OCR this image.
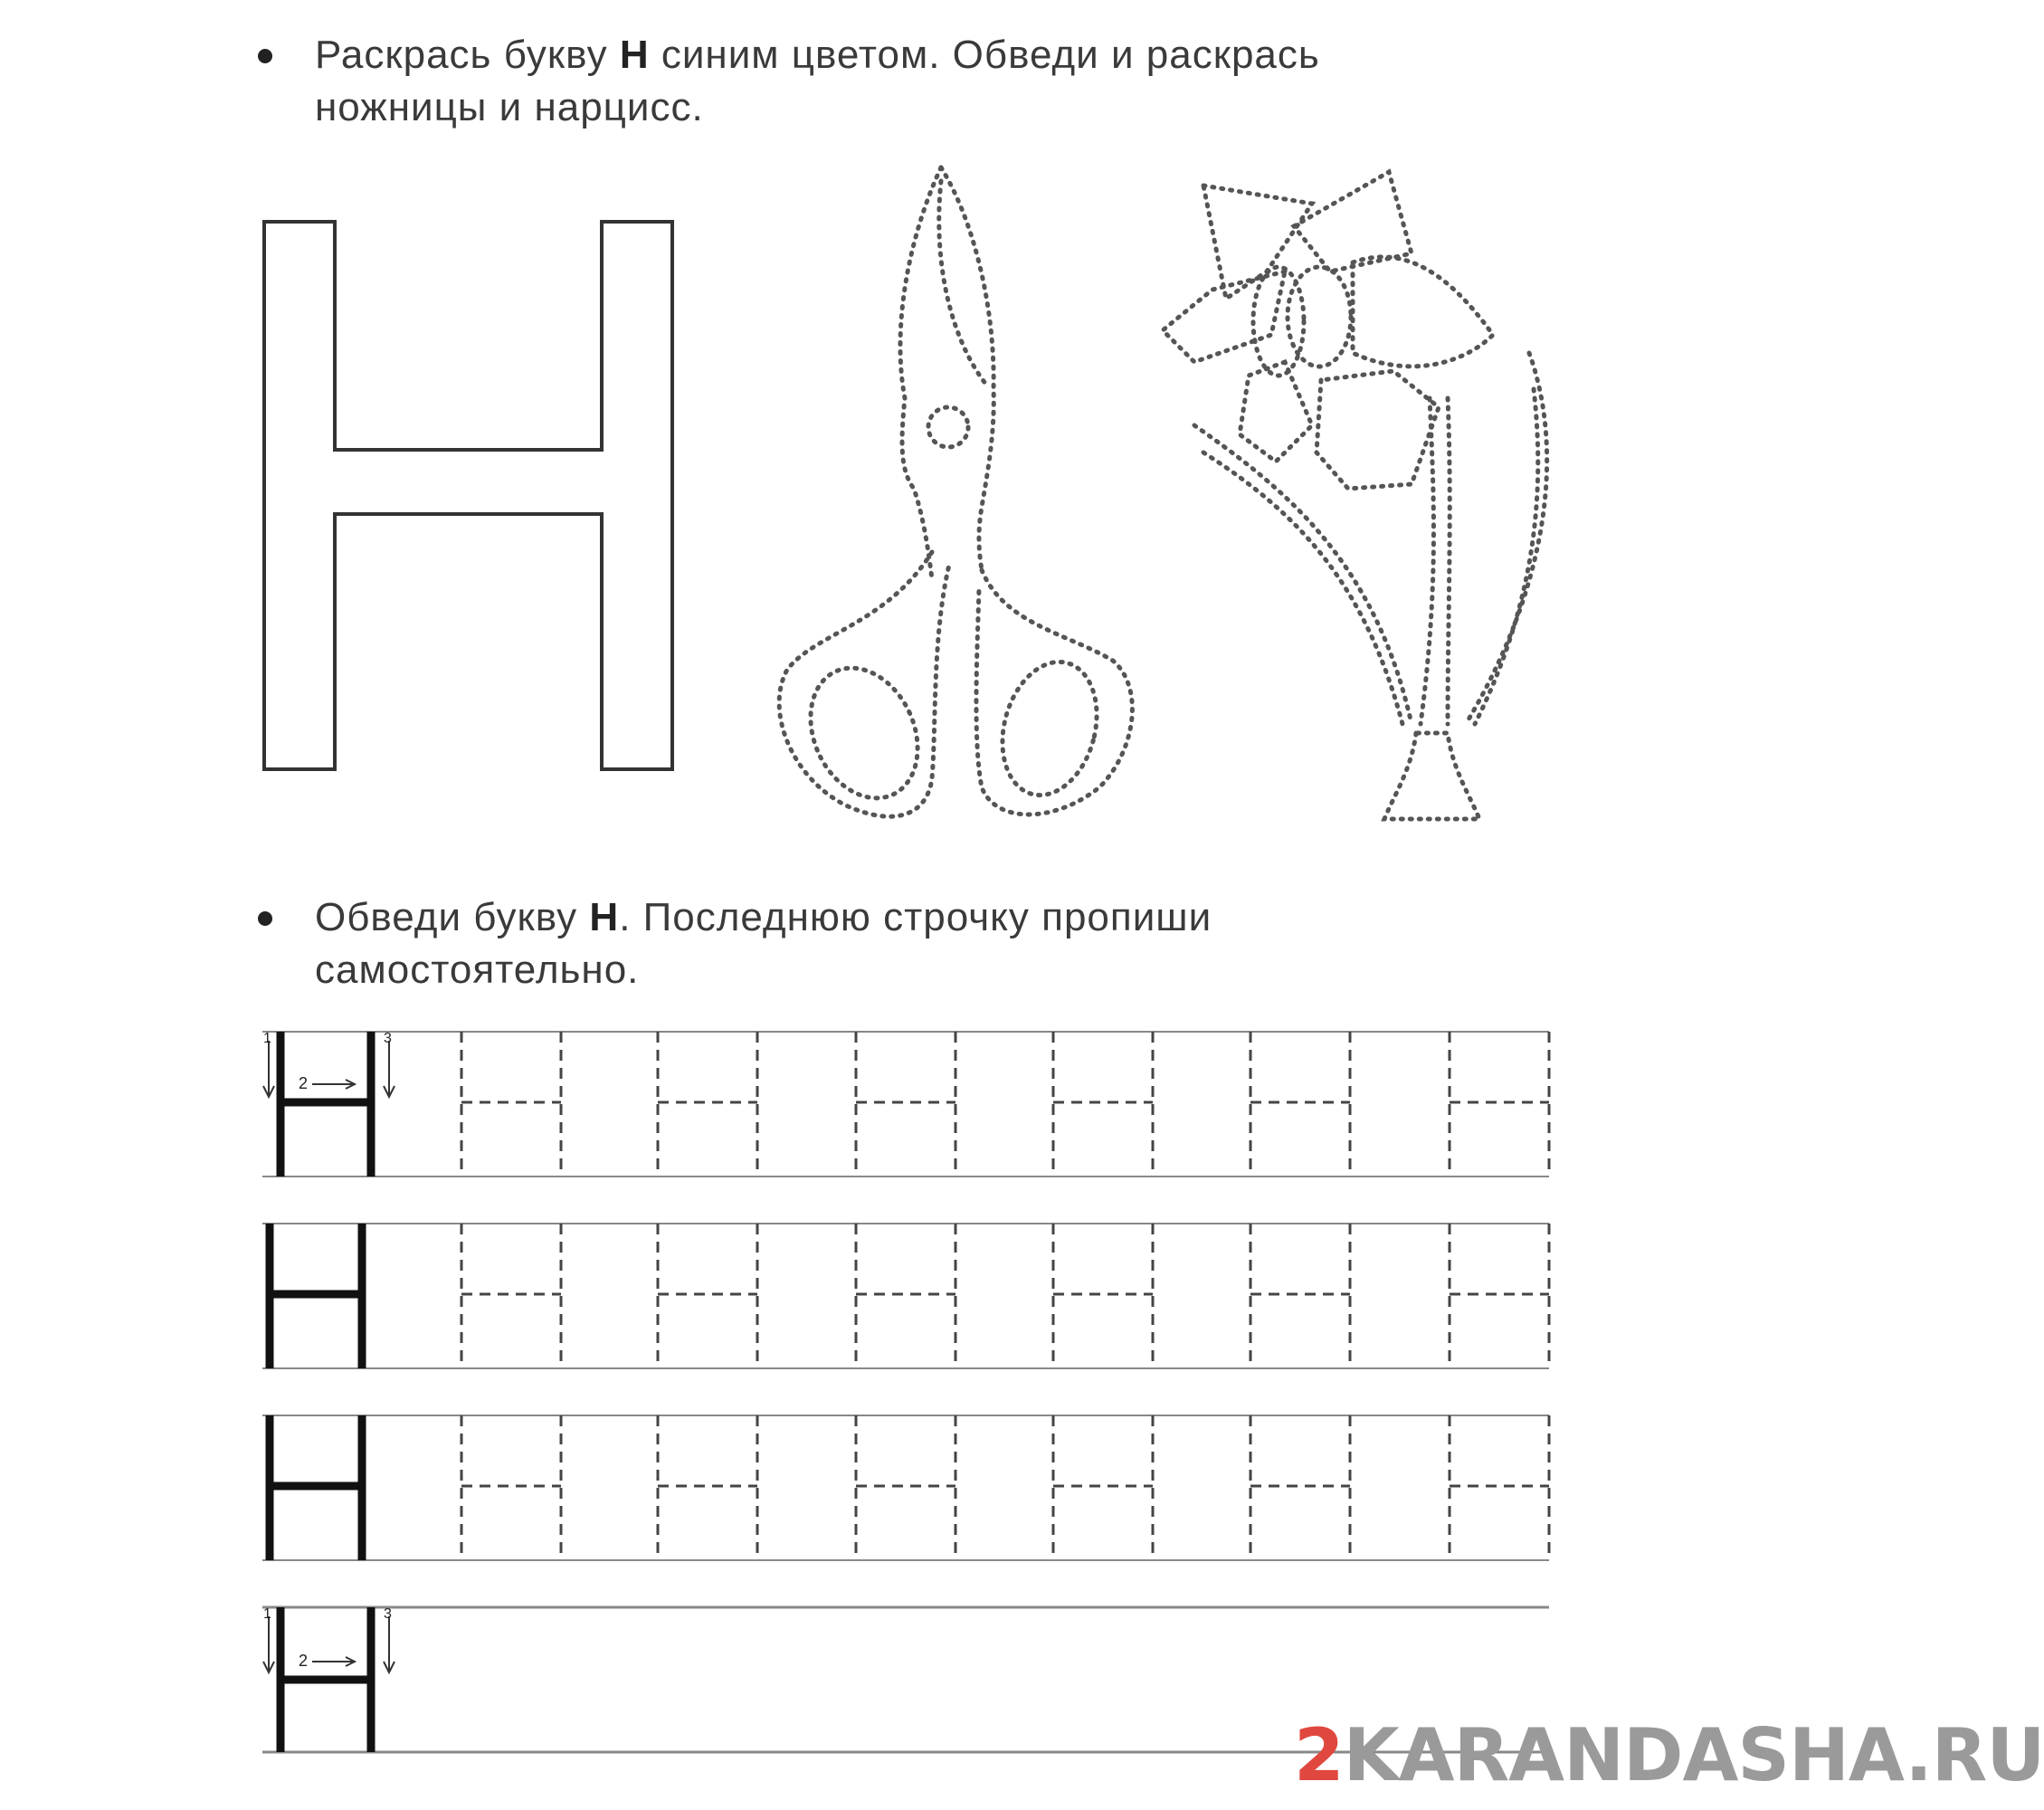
Раскрась букву Н синим цветом. Обведи и раскрась
ножницы и нарцисс.
Обведи букву Н. Последнюю строчку пропиши
самостоятельно.
1
2
3
1
2
3
2KARANDASHA.RU
